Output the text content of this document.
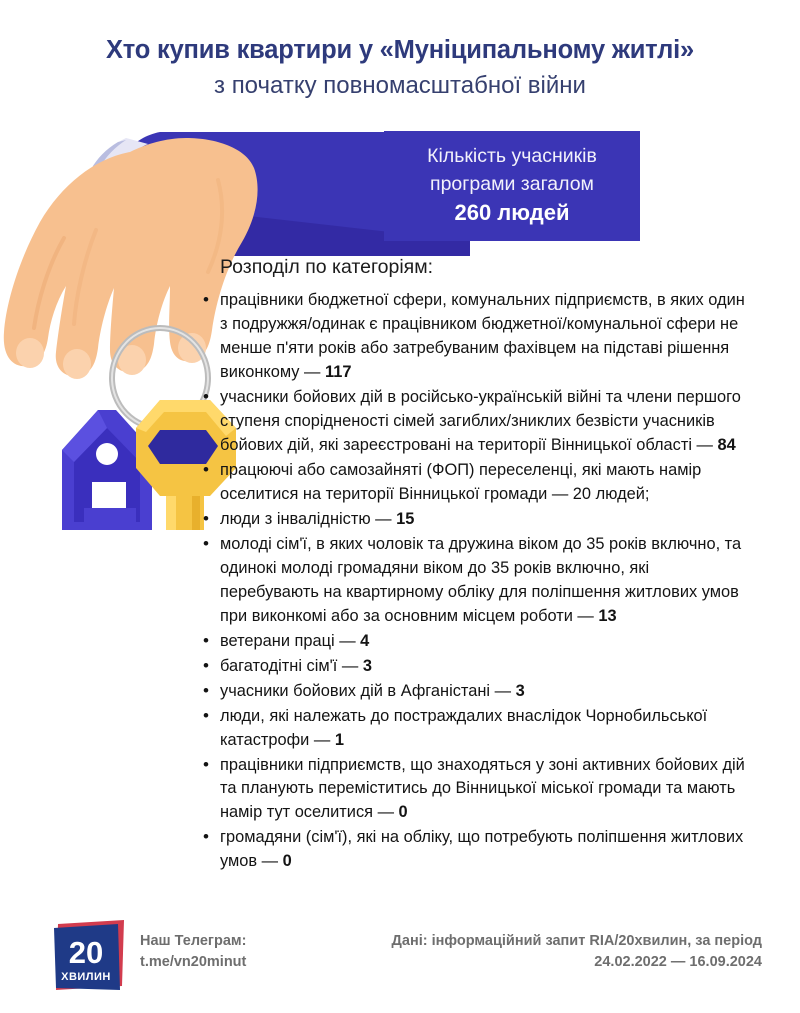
Хто купив квартири у «Муніципальному житлі»
з початку повномасштабної війни
Кількість учасників
програми загалом
260 людей
Розподіл по категоріям:
• працівники бюджетної сфери, комунальних підприємств, в яких один з подружжя/одинак є працівником бюджетної/комунальної сфери не менше п'яти років або затребуваним фахівцем на підставі рішення виконкому — 117
• учасники бойових дій в російсько-українській війні та члени першого ступеня спорідненості сімей загиблих/зниклих безвісти учасників бойових дій, які зареєстровані на території Вінницької області — 84
• працюючі або самозайняті (ФОП) переселенці, які мають намір оселитися на території Вінницької громади — 20 людей;
• люди з інвалідністю — 15
• молоді сім'ї, в яких чоловік та дружина віком до 35 років включно, та одинокі молоді громадяни віком до 35 років включно, які перебувають на квартирному обліку для поліпшення житлових умов при виконкомі або за основним місцем роботи — 13
• ветерани праці — 4
• багатодітні сім'ї — 3
• учасники бойових дій в Афганістані — 3
• люди, які належать до постраждалих внаслідок Чорнобильської катастрофи — 1
• працівники підприємств, що знаходяться у зоні активних бойових дій та планують переміститись до Вінницької міської громади та мають намір тут оселитися — 0
• громадяни (сім'ї), які на обліку, що потребують поліпшення житлових умов — 0
20
ХВИЛИН
Наш Телеграм:
t.me/vn20minut
Дані: інформаційний запит RIA/20хвилин, за період
24.02.2022 — 16.09.2024
